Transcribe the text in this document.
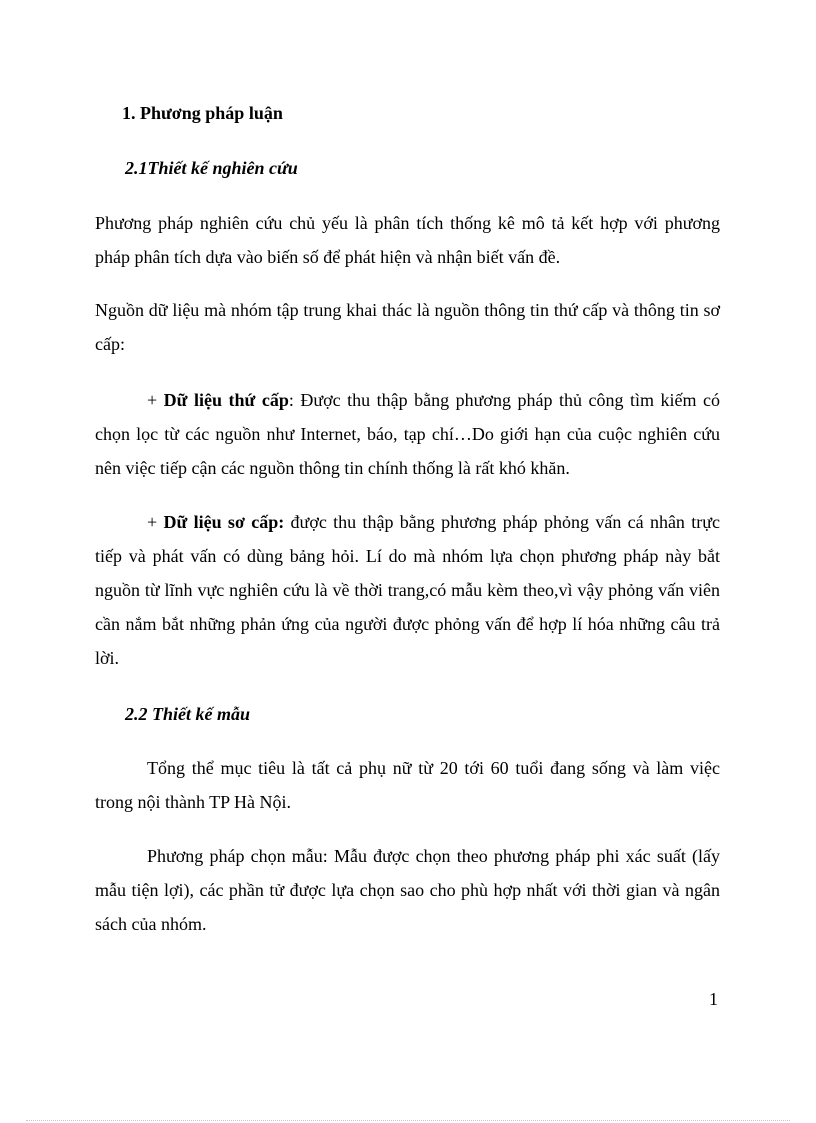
1. Phương pháp luận
2.1Thiết kế nghiên cứu

Phương pháp nghiên cứu chủ yếu là phân tích thống kê mô tả kết hợp với phương pháp phân tích dựa vào biến số để phát hiện và nhận biết vấn đề.

Nguồn dữ liệu mà nhóm tập trung khai thác là nguồn thông tin thứ cấp và thông tin sơ cấp:

+ Dữ liệu thứ cấp: Được thu thập bằng phương pháp thủ công tìm kiếm có chọn lọc từ các nguồn như Internet, báo, tạp chí…Do giới hạn của cuộc nghiên cứu nên việc tiếp cận các nguồn thông tin chính thống là rất khó khăn.

+ Dữ liệu sơ cấp: được thu thập bằng phương pháp phỏng vấn cá nhân trực tiếp và phát vấn có dùng bảng hỏi. Lí do mà nhóm lựa chọn phương pháp này bắt nguồn từ lĩnh vực nghiên cứu là về thời trang,có mẫu kèm theo,vì vậy phỏng vấn viên cần nắm bắt những phản ứng của người được phỏng vấn để hợp lí hóa những câu trả lời.

2.2 Thiết kế mẫu

Tổng thể mục tiêu là tất cả phụ nữ từ 20 tới 60 tuổi đang sống và làm việc trong nội thành TP Hà Nội.

Phương pháp chọn mẫu: Mẫu được chọn theo phương pháp phi xác suất (lấy mẫu tiện lợi), các phần tử được lựa chọn sao cho phù hợp nhất với thời gian và ngân sách của nhóm.

1
